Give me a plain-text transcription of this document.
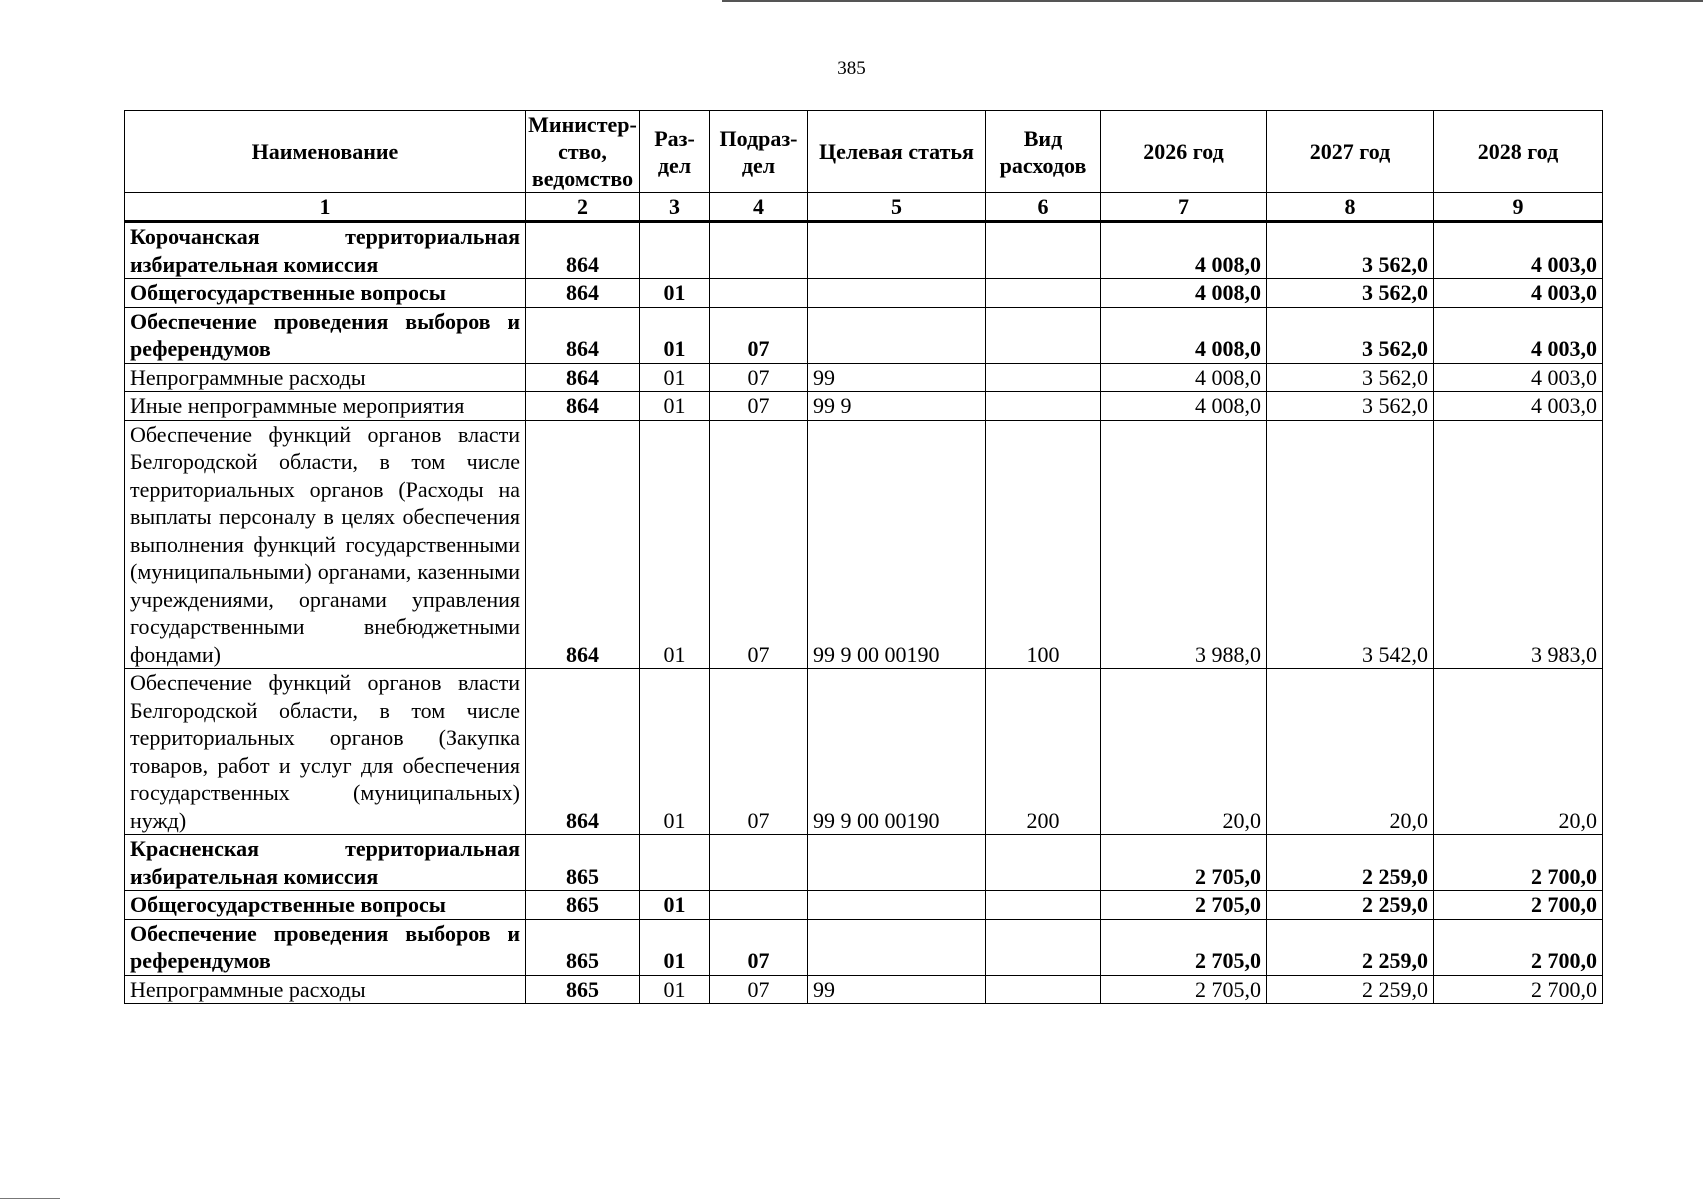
385
Наименование	Министер-ство, ведомство	Раз-дел	Подраз-дел	Целевая статья	Вид расходов	2026 год	2027 год	2028 год
1	2	3	4	5	6	7	8	9
Корочанская территориальная избирательная комиссия	864					4 008,0	3 562,0	4 003,0
Общегосударственные вопросы	864	01				4 008,0	3 562,0	4 003,0
Обеспечение проведения выборов и референдумов	864	01	07			4 008,0	3 562,0	4 003,0
Непрограммные расходы	864	01	07	99		4 008,0	3 562,0	4 003,0
Иные непрограммные мероприятия	864	01	07	99 9		4 008,0	3 562,0	4 003,0
Обеспечение функций органов власти Белгородской области, в том числе территориальных органов (Расходы на выплаты персоналу в целях обеспечения выполнения функций государственными (муниципальными) органами, казенными учреждениями, органами управления государственными внебюджетными фондами)	864	01	07	99 9 00 00190	100	3 988,0	3 542,0	3 983,0
Обеспечение функций органов власти Белгородской области, в том числе территориальных органов (Закупка товаров, работ и услуг для обеспечения государственных (муниципальных) нужд)	864	01	07	99 9 00 00190	200	20,0	20,0	20,0
Красненская территориальная избирательная комиссия	865					2 705,0	2 259,0	2 700,0
Общегосударственные вопросы	865	01				2 705,0	2 259,0	2 700,0
Обеспечение проведения выборов и референдумов	865	01	07			2 705,0	2 259,0	2 700,0
Непрограммные расходы	865	01	07	99		2 705,0	2 259,0	2 700,0
